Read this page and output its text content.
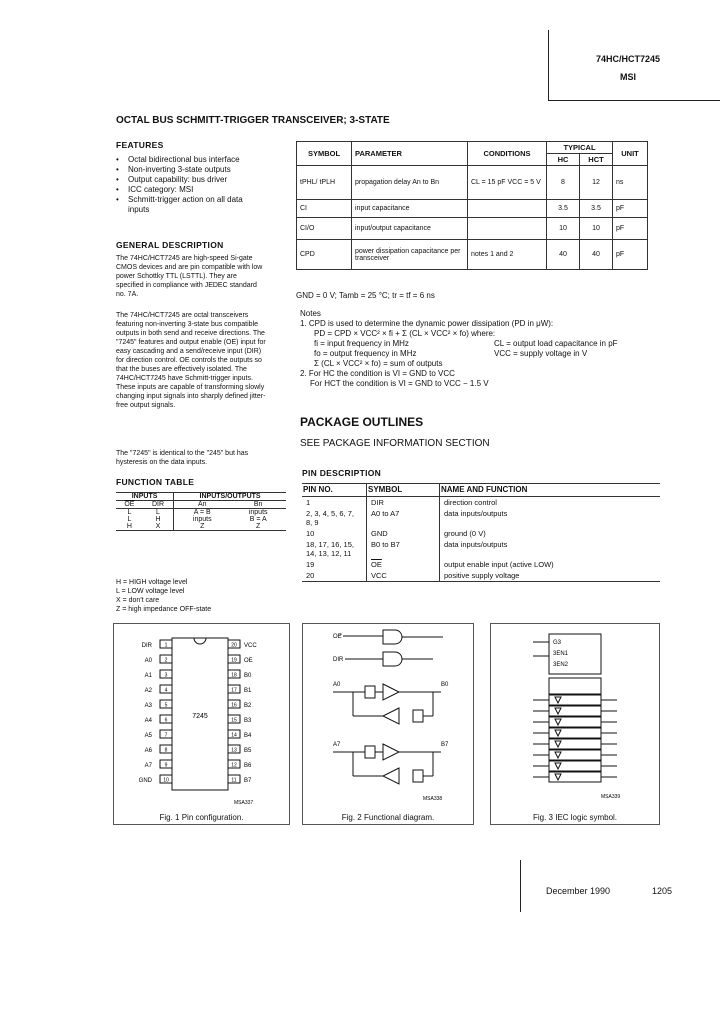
74HC/HCT7245
MSI
OCTAL BUS SCHMITT-TRIGGER TRANSCEIVER; 3-STATE
FEATURES
• Octal bidirectional bus interface
• Non-inverting 3-state outputs
• Output capability: bus driver
• ICC category: MSI
• Schmitt-trigger action on all data inputs
GENERAL DESCRIPTION
The 74HC/HCT7245 are high-speed Si-gate CMOS devices and are pin compatible with low power Schottky TTL (LSTTL). They are specified in compliance with JEDEC standard no. 7A.
The 74HC/HCT7245 are octal transceivers featuring non-inverting 3-state bus compatible outputs in both send and receive directions. The "7245" features and output enable (OE) input for easy cascading and a send/receive input (DIR) for direction control. OE controls the outputs so that the buses are effectively isolated. The 74HC/HCT7245 have Schmitt-trigger inputs. These inputs are capable of transforming slowly changing input signals into sharply defined jitter-free output signals.
The "7245" is identical to the "245" but has hysteresis on the data inputs.
FUNCTION TABLE
INPUTS		INPUTS/OUTPUTS	
$\overline{OE}$	DIR	An	Bn
L	L	A = B	inputs
L	H	inputs	B = A
H	X	Z	Z
H = HIGH voltage level
L = LOW voltage level
X = don't care
Z = high impedance OFF-state
SYMBOL	PARAMETER	CONDITIONS	TYPICAL		UNIT
			HC	HCT	
tPHL/ tPLH	propagation delay An to Bn	CL = 15 pF VCC = 5 V	8	12	ns
CI	input capacitance		3.5	3.5	pF
CI/O	input/output capacitance		10	10	pF
CPD	power dissipation capacitance per transceiver	notes 1 and 2	40	40	pF
GND = 0 V; Tamb = 25 °C; tr = tf = 6 ns
Notes
1. CPD is used to determine the dynamic power dissipation (PD in μW):
PD = CPD × VCC² × fi + Σ (CL × VCC² × fo) where:
fi = input frequency in MHz
fo = output frequency in MHz
Σ (CL × VCC² × fo) = sum of outputs
CL = output load capacitance in pF
VCC = supply voltage in V
2. For HC the condition is VI = GND to VCC
For HCT the condition is VI = GND to VCC − 1.5 V
PACKAGE OUTLINES
SEE PACKAGE INFORMATION SECTION
PIN DESCRIPTION
PIN NO.	SYMBOL	NAME AND FUNCTION
1	DIR	direction control
2, 3, 4, 5, 6, 7, 8, 9	A0 to A7	data inputs/outputs
10	GND	ground (0 V)
18, 17, 16, 15, 14, 13, 12, 11	B0 to B7	data inputs/outputs
19	$\overline{OE}$	output enable input (active LOW)
20	VCC	positive supply voltage
7245
DIR	1
A0	2
A1	3
A2	4
A3	5
A4	6
A5	7
A6	8
A7	9
GND 10
20 VCC
19 OE
18 B0
17 B1
16 B2
15 B3
14 B4
13 B5
12 B6
11 B7
MSA337
Fig. 1 Pin configuration.
OE
DIR
A0	B0
A7	B7
MSA338
Fig. 2 Functional diagram.
G3
3EN1
3EN2
MSA339
Fig. 3 IEC logic symbol.
December 1990	1205
